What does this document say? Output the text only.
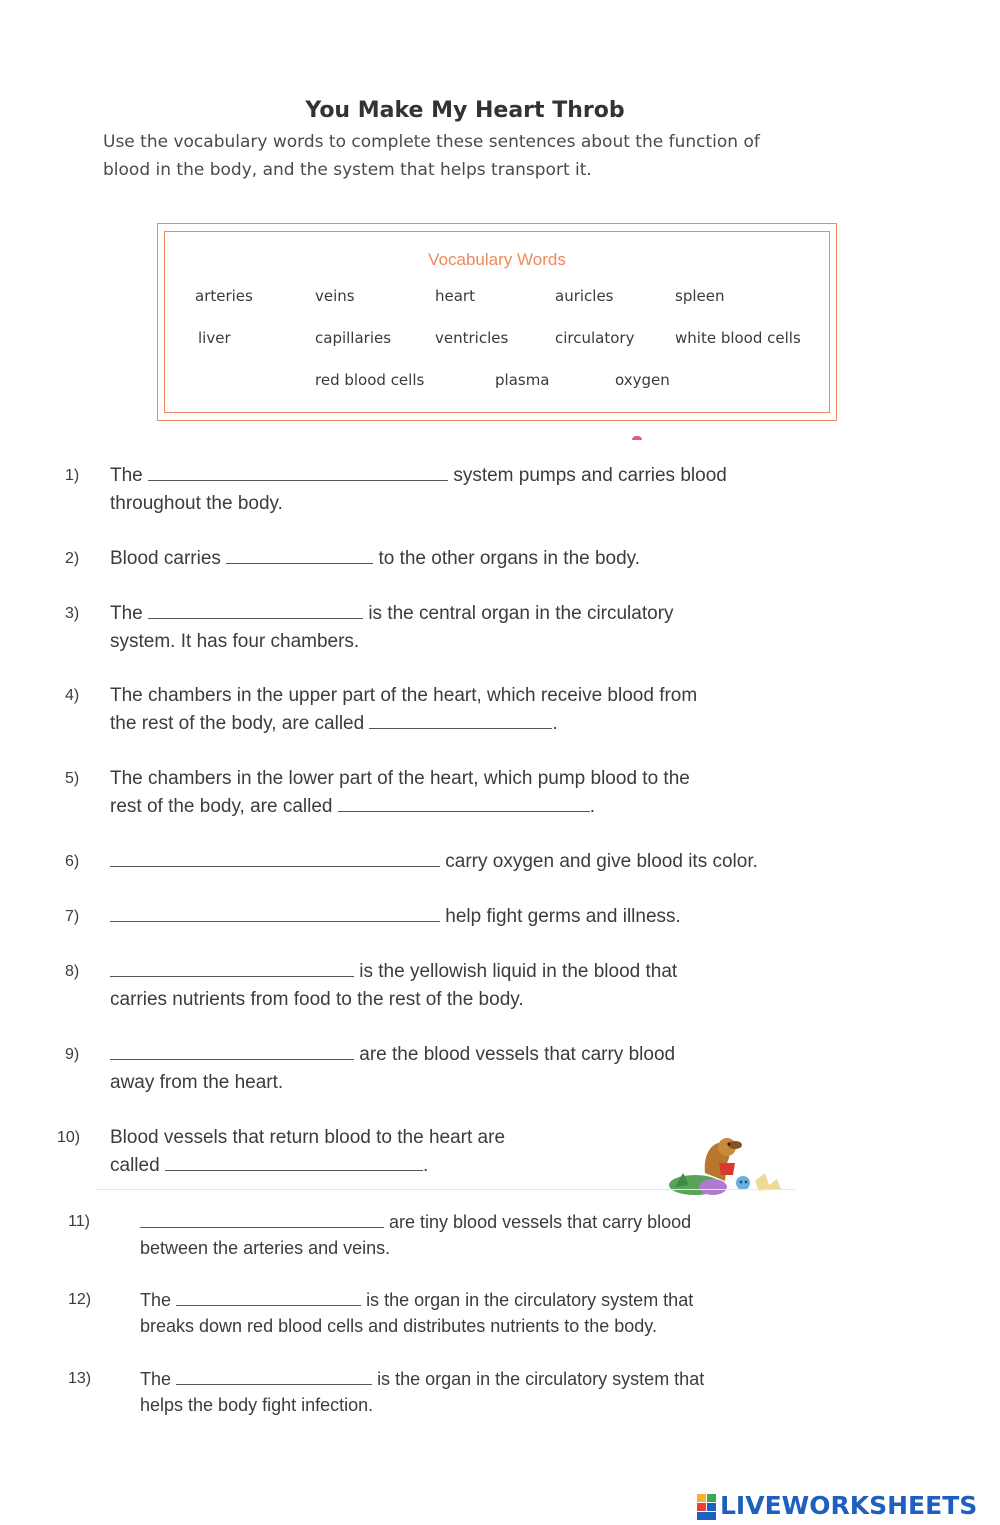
You Make My Heart Throb
Use the vocabulary words to complete these sentences about the function of
blood in the body, and the system that helps transport it.
Vocabulary Words
arteries	veins	heart	auricles	spleen
liver	capillaries	ventricles	circulatory	white blood cells
red blood cells	plasma	oxygen
1) The	system pumps and carries blood
throughout the body.
2) Blood carries	to the other organs in the body.
3) The	is the central organ in the circulatory
system. It has four chambers.
4) The chambers in the upper part of the heart, which receive blood from
the rest of the body, are called	.
5) The chambers in the lower part of the heart, which pump blood to the
rest of the body, are called	.
6)	carry oxygen and give blood its color.
7)	help fight germs and illness.
8)	is the yellowish liquid in the blood that
carries nutrients from food to the rest of the body.
9)	are the blood vessels that carry blood
away from the heart.
10) Blood vessels that return blood to the heart are
called	.
11)	are tiny blood vessels that carry blood
between the arteries and veins.
12)	The	is the organ in the circulatory system that
breaks down red blood cells and distributes nutrients to the body.
13)	The	is the organ in the circulatory system that
helps the body fight infection.
LIVEWORKSHEETS
